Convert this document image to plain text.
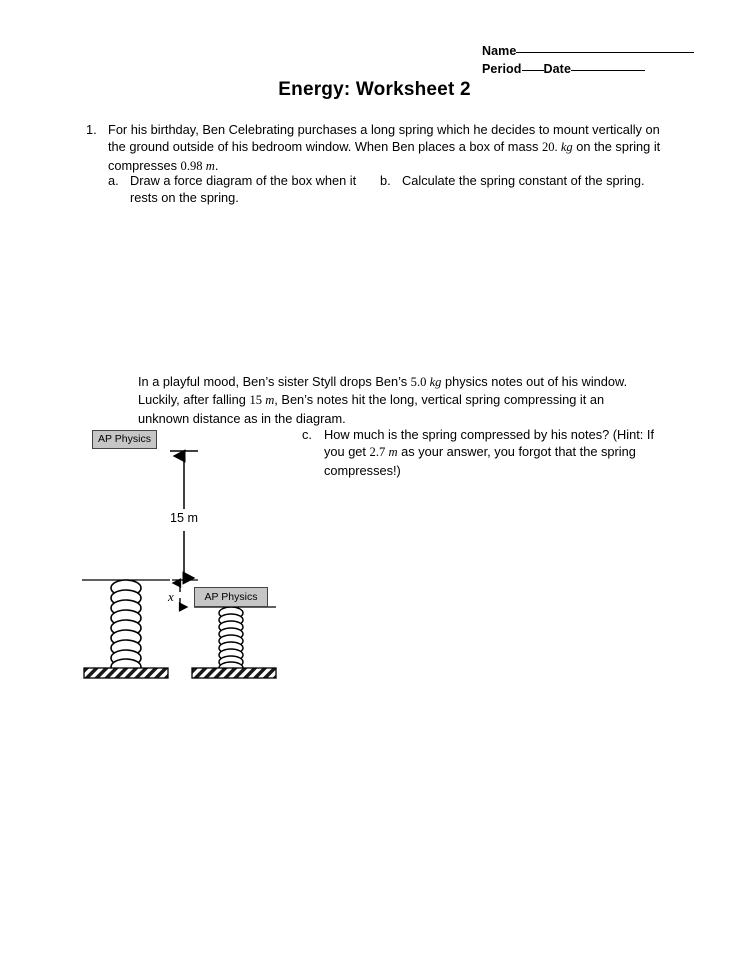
Name
Period Date
Energy: Worksheet 2
1. For his birthday, Ben Celebrating purchases a long spring which he decides to mount vertically on the ground outside of his bedroom window. When Ben places a box of mass 20. kg on the spring it compresses 0.98 m.
a. Draw a force diagram of the box when it rests on the spring.
b. Calculate the spring constant of the spring.
In a playful mood, Ben’s sister Styll drops Ben’s 5.0 kg physics notes out of his window. Luckily, after falling 15 m, Ben’s notes hit the long, vertical spring compressing it an unknown distance as in the diagram.
c. How much is the spring compressed by his notes? (Hint: If you get 2.7 m as your answer, you forgot that the spring compresses!)
AP Physics
AP Physics
15 m
x
